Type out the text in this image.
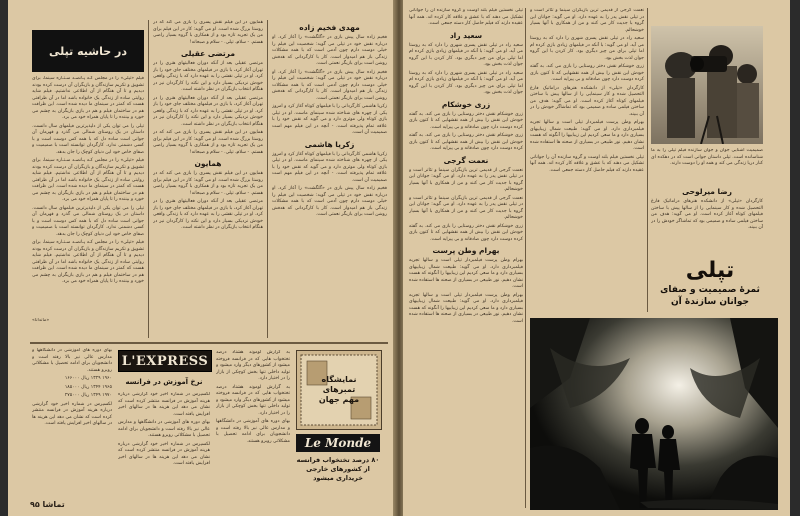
در حاشیه تپلی

فیلم «تپلی» را در مجلس کـه پـانصـد سـتـاره سینما، برای تشویق و تکریم سازندگان و بازیگران آن درست کرده بودند دیدیم و تا آن هنگام از آن اطلاعی نداشتیم. فیلم شاید روایتی ساده از زندگی یک خانواده باشد اما در آن ظرافتی هست که کمتر در سینمای ما دیده شده است. این ظرافت هم در ساختمان فیلم و هم در بازی بازیگران به چشم می خورد و بیننده را تا پایان همراه خود می برد.

تپلی را می توان یکی از دلپذیرترین فیلمهای سال دانست. داستان در یک روستای شمالی می گذرد و قهرمان آن جوانی است ساده دل که با همه کس دوست است و با کسی دشمنی ندارد. کارگردان توانسته است با صمیمیت و صفای خاص خود این دنیای کوچک را جان بدهد.

فیلم «تپلی» را در مجلس کـه پـانصـد سـتـاره سینما، برای تشویق و تکریم سازندگان و بازیگران آن درست کرده بودند دیدیم و تا آن هنگام از آن اطلاعی نداشتیم. فیلم شاید روایتی ساده از زندگی یک خانواده باشد اما در آن ظرافتی هست که کمتر در سینمای ما دیده شده است. این ظرافت هم در ساختمان فیلم و هم در بازی بازیگران به چشم می خورد و بیننده را تا پایان همراه خود می برد.

تپلی را می توان یکی از دلپذیرترین فیلمهای سال دانست. داستان در یک روستای شمالی می گذرد و قهرمان آن جوانی است ساده دل که با همه کس دوست است و با کسی دشمنی ندارد. کارگردان توانسته است با صمیمیت و صفای خاص خود این دنیای کوچک را جان بدهد.

فیلم «تپلی» را در مجلس کـه پـانصـد سـتـاره سینما، برای تشویق و تکریم سازندگان و بازیگران آن درست کرده بودند دیدیم و تا آن هنگام از آن اطلاعی نداشتیم. فیلم شاید روایتی ساده از زندگی یک خانواده باشد اما در آن ظرافتی هست که کمتر در سینمای ما دیده شده است. این ظرافت هم در ساختمان فیلم و هم در بازی بازیگران به چشم می خورد و بیننده را تا پایان همراه خود می برد.

«ماندانا»

همایون در این فیلم نقش پسری را بازی می کند که در روستا بزرگ شده است. او می گوید: کار در این فیلم برای من یک تجربه تازه بود و از همکاری با گروه بسیار راضی هستم. - سلام، تپلی. - سلام و صبحانه!

مرتضی عقیلی

مرتضی عقیلی بعد از آنکه دوران فعالیتهای هنری را در تهران آغاز کرد، با بازی در فیلمهای مختلف جای خود را باز کرد. او در تپلی نقشی را به عهده دارد که با زندگی واقعی خودش نزدیکی بسیار دارد و این نکته را کارگردان نیز در هنگام انتخاب بازیگران در نظر داشته است.

مرتضی عقیلی بعد از آنکه دوران فعالیتهای هنری را در تهران آغاز کرد، با بازی در فیلمهای مختلف جای خود را باز کرد. او در تپلی نقشی را به عهده دارد که با زندگی واقعی خودش نزدیکی بسیار دارد و این نکته را کارگردان نیز در هنگام انتخاب بازیگران در نظر داشته است.

همایون در این فیلم نقش پسری را بازی می کند که در روستا بزرگ شده است. او می گوید: کار در این فیلم برای من یک تجربه تازه بود و از همکاری با گروه بسیار راضی هستم. - سلام، تپلی. - سلام و صبحانه!

همایون

همایون در این فیلم نقش پسری را بازی می کند که در روستا بزرگ شده است. او می گوید: کار در این فیلم برای من یک تجربه تازه بود و از همکاری با گروه بسیار راضی هستم. - سلام، تپلی. - سلام و صبحانه!

مرتضی عقیلی بعد از آنکه دوران فعالیتهای هنری را در تهران آغاز کرد، با بازی در فیلمهای مختلف جای خود را باز کرد. او در تپلی نقشی را به عهده دارد که با زندگی واقعی خودش نزدیکی بسیار دارد و این نکته را کارگردان نیز در هنگام انتخاب بازیگران در نظر داشته است.

مهدی فخیم زاده

فخیم زاده سال پیش بازی در «گلگشت» را آغاز کرد. او درباره نقش خود در تپلی می گوید: شخصیت این فیلم را خیلی دوست دارم چون آدمی است که با همه مشکلات زندگی باز هم امیدوار است. کار با کارگردانی که هدفش روشن است برای بازیگر نعمتی است.

فخیم زاده سال پیش بازی در «گلگشت» را آغاز کرد. او درباره نقش خود در تپلی می گوید: شخصیت این فیلم را خیلی دوست دارم چون آدمی است که با همه مشکلات زندگی باز هم امیدوار است. کار با کارگردانی که هدفش روشن است برای بازیگر نعمتی است.

زکریا هاشمی کارگردانی را با فیلمهای کوتاه آغاز کرد و امروز یکی از چهره های شناخته شده سینمای ماست. او در تپلی بازی کوتاه ولی موثری دارد و می گوید که نقش خود را با علاقه تمام پذیرفته است. - آنچه در این فیلم مهم است صمیمیت آن است.

زکریا هاشمی

زکریا هاشمی کارگردانی را با فیلمهای کوتاه آغاز کرد و امروز یکی از چهره های شناخته شده سینمای ماست. او در تپلی بازی کوتاه ولی موثری دارد و می گوید که نقش خود را با علاقه تمام پذیرفته است. - آنچه در این فیلم مهم است صمیمیت آن است.

فخیم زاده سال پیش بازی در «گلگشت» را آغاز کرد. او درباره نقش خود در تپلی می گوید: شخصیت این فیلم را خیلی دوست دارم چون آدمی است که با همه مشکلات زندگی باز هم امیدوار است. کار با کارگردانی که هدفش روشن است برای بازیگر نعمتی است.

بهای دوره های آموزشی در دانشگاهها و مدارس عالی نیز بالا رفته است و دانشجویان برای ادامه تحصیل با مشکلاتی روبرو هستند.

۱۹۶۰ ۱۳۲۹ ریال ۱۶۶۰۰۰

۱۹۶۵ ۱۳۴۴ ریال ۱۸۵۰۰۰

۱۹۷۰ ۱۳۴۹ ریال ۲۷۵۰۰۰

لکسپرس در شماره اخیر خود گزارشی درباره هزینه آموزش در فرانسه منتشر کرده است که نشان می دهد این هزینه ها در سالهای اخیر افزایش یافته است.

L'EXPRESS
نرخ آموزش در فرانسه

لکسپرس در شماره اخیر خود گزارشی درباره هزینه آموزش در فرانسه منتشر کرده است که نشان می دهد این هزینه ها در سالهای اخیر افزایش یافته است.

بهای دوره های آموزشی در دانشگاهها و مدارس عالی نیز بالا رفته است و دانشجویان برای ادامه تحصیل با مشکلاتی روبرو هستند.

لکسپرس در شماره اخیر خود گزارشی درباره هزینه آموزش در فرانسه منتشر کرده است که نشان می دهد این هزینه ها در سالهای اخیر افزایش یافته است.

به گزارش لوموند هشتاد درصد تختخواب هایی که در فرانسه فروخته میشود از کشورهای دیگر وارد میشود و تولید داخلی تنها بخش کوچکی از بازار را در اختیار دارد.

به گزارش لوموند هشتاد درصد تختخواب هایی که در فرانسه فروخته میشود از کشورهای دیگر وارد میشود و تولید داخلی تنها بخش کوچکی از بازار را در اختیار دارد.

بهای دوره های آموزشی در دانشگاهها و مدارس عالی نیز بالا رفته است و دانشجویان برای ادامه تحصیل با مشکلاتی روبرو هستند.

نمایشگاه
تمبرهای
مهم جهان
Le Monde
۸۰ درصد تختخواب فرانسه
از کشورهای خارجی
خریداری میشود
تماشا ۹۵

تپلی نخستین فیلم بلند اوست و گروه سازنده آن را جوانانی تشکیل می دهند که با عشق و علاقه کار کرده اند. همه آنها عقیده دارند که فیلم حاصل کار دسته جمعی است.

سعید راد

سعید راد در تپلی نقش پسری شهری را دارد که به روستا می آید. او می گوید: با آنکه در فیلمهای زیادی بازی کرده ام اما تپلی برای من چیز دیگری بود. کار کردن با این گروه جوان لذت بخش بود.

سعید راد در تپلی نقش پسری شهری را دارد که به روستا می آید. او می گوید: با آنکه در فیلمهای زیادی بازی کرده ام اما تپلی برای من چیز دیگری بود. کار کردن با این گروه جوان لذت بخش بود.

زری خوشکام

زری خوشکام نقش دختر روستایی را بازی می کند. به گفته خودش این نقش را بیش از همه نقشهایی که تا کنون بازی کرده دوست دارد چون صادقانه و بی پیرایه است.

زری خوشکام نقش دختر روستایی را بازی می کند. به گفته خودش این نقش را بیش از همه نقشهایی که تا کنون بازی کرده دوست دارد چون صادقانه و بی پیرایه است.

نعمت گرجی

نعمت گرجی از قدیمی ترین بازیگران سینما و تئاتر است و در تپلی نقش پدر را به عهده دارد. او می گوید: جوانان این گروه با جدیت کار می کنند و من از همکاری با آنها بسیار خوشحالم.

نعمت گرجی از قدیمی ترین بازیگران سینما و تئاتر است و در تپلی نقش پدر را به عهده دارد. او می گوید: جوانان این گروه با جدیت کار می کنند و من از همکاری با آنها بسیار خوشحالم.

زری خوشکام نقش دختر روستایی را بازی می کند. به گفته خودش این نقش را بیش از همه نقشهایی که تا کنون بازی کرده دوست دارد چون صادقانه و بی پیرایه است.

بهرام وطن پرست

بهرام وطن پرست فیلمبردار تپلی است و سالها تجربه فیلمبرداری دارد. او می گوید: طبیعت شمال زیباییهای بسیاری دارد و ما سعی کردیم این زیباییها را آنگونه که هست نشان دهیم. نور طبیعی در بسیاری از صحنه ها استفاده شده است.

بهرام وطن پرست فیلمبردار تپلی است و سالها تجربه فیلمبرداری دارد. او می گوید: طبیعت شمال زیباییهای بسیاری دارد و ما سعی کردیم این زیباییها را آنگونه که هست نشان دهیم. نور طبیعی در بسیاری از صحنه ها استفاده شده است.

نعمت گرجی از قدیمی ترین بازیگران سینما و تئاتر است و در تپلی نقش پدر را به عهده دارد. او می گوید: جوانان این گروه با جدیت کار می کنند و من از همکاری با آنها بسیار خوشحالم.

سعید راد در تپلی نقش پسری شهری را دارد که به روستا می آید. او می گوید: با آنکه در فیلمهای زیادی بازی کرده ام اما تپلی برای من چیز دیگری بود. کار کردن با این گروه جوان لذت بخش بود.

زری خوشکام نقش دختر روستایی را بازی می کند. به گفته خودش این نقش را بیش از همه نقشهایی که تا کنون بازی کرده دوست دارد چون صادقانه و بی پیرایه است.

کارگردان «تپلی» از دانشکده هنرهای دراماتیک فارغ التحصیل شده و کار سینمایی را از سالها پیش با ساختن فیلمهای کوتاه آغاز کرده است. او می گوید: هدف من ساختن فیلمی ساده و صمیمی بود که تماشاگر خودش را در آن ببیند.

بهرام وطن پرست فیلمبردار تپلی است و سالها تجربه فیلمبرداری دارد. او می گوید: طبیعت شمال زیباییهای بسیاری دارد و ما سعی کردیم این زیباییها را آنگونه که هست نشان دهیم. نور طبیعی در بسیاری از صحنه ها استفاده شده است.

تپلی نخستین فیلم بلند اوست و گروه سازنده آن را جوانانی تشکیل می دهند که با عشق و علاقه کار کرده اند. همه آنها عقیده دارند که فیلم حاصل کار دسته جمعی است.

صمیمیت آشنایی جوان و جوان سازنده فیلم تپلی را به ما شناسانده است. تپلی داستان جوانی است که در دهکده ای کنار دریا زندگی می کند و همه او را دوست دارند.

رضا میرلوحی

کارگردان «تپلی» از دانشکده هنرهای دراماتیک فارغ التحصیل شده و کار سینمایی را از سالها پیش با ساختن فیلمهای کوتاه آغاز کرده است. او می گوید: هدف من ساختن فیلمی ساده و صمیمی بود که تماشاگر خودش را در آن ببیند.

تپلی
ثمرهٔ صمیمیت و صفای
جوانان سازندهٔ آن
